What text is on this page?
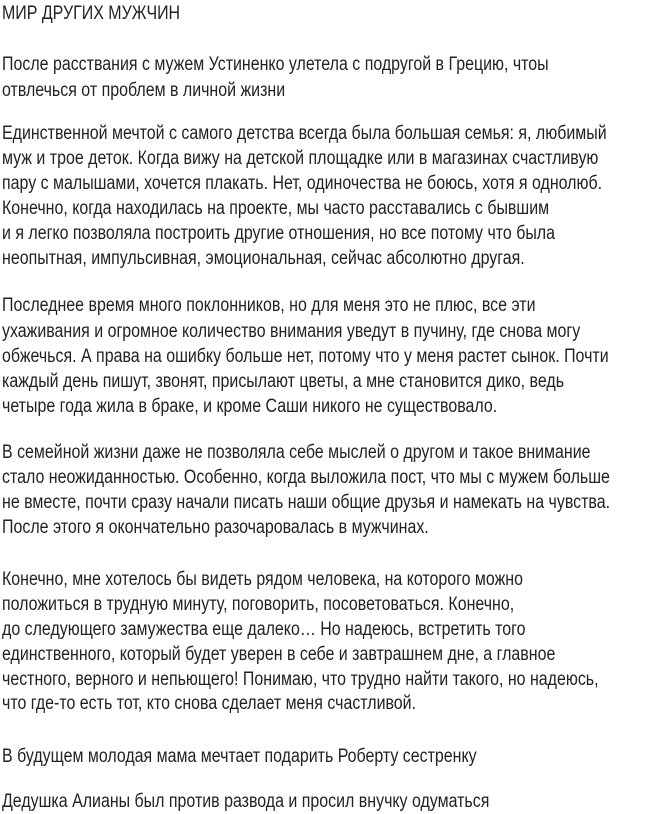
МИР ДРУГИХ МУЖЧИН
После расствания с мужем Устиненко улетела с подругой в Грецию, чтоы
отвлечься от проблем в личной жизни
Единственной мечтой с самого детства всегда была большая семья: я, любимый
муж и трое деток. Когда вижу на детской площадке или в магазинах счастливую
пару с малышами, хочется плакать. Нет, одиночества не боюсь, хотя я однолюб.
Конечно, когда находилась на проекте, мы часто расставались с бывшим
и я легко позволяла построить другие отношения, но все потому что была
неопытная, импульсивная, эмоциональная, сейчас абсолютно другая.
Последнее время много поклонников, но для меня это не плюс, все эти
ухаживания и огромное количество внимания уведут в пучину, где снова могу
обжечься. А права на ошибку больше нет, потому что у меня растет сынок. Почти
каждый день пишут, звонят, присылают цветы, а мне становится дико, ведь
четыре года жила в браке, и кроме Саши никого не существовало.
В семейной жизни даже не позволяла себе мыслей о другом и такое внимание
стало неожиданностью. Особенно, когда выложила пост, что мы с мужем больше
не вместе, почти сразу начали писать наши общие друзья и намекать на чувства.
После этого я окончательно разочаровалась в мужчинах.
Конечно, мне хотелось бы видеть рядом человека, на которого можно
положиться в трудную минуту, поговорить, посоветоваться. Конечно,
до следующего замужества еще далеко… Но надеюсь, встретить того
единственного, который будет уверен в себе и завтрашнем дне, а главное
честного, верного и непьющего! Понимаю, что трудно найти такого, но надеюсь,
что где-то есть тот, кто снова сделает меня счастливой.
В будущем молодая мама мечтает подарить Роберту сестренку
Дедушка Алианы был против развода и просил внучку одуматься
